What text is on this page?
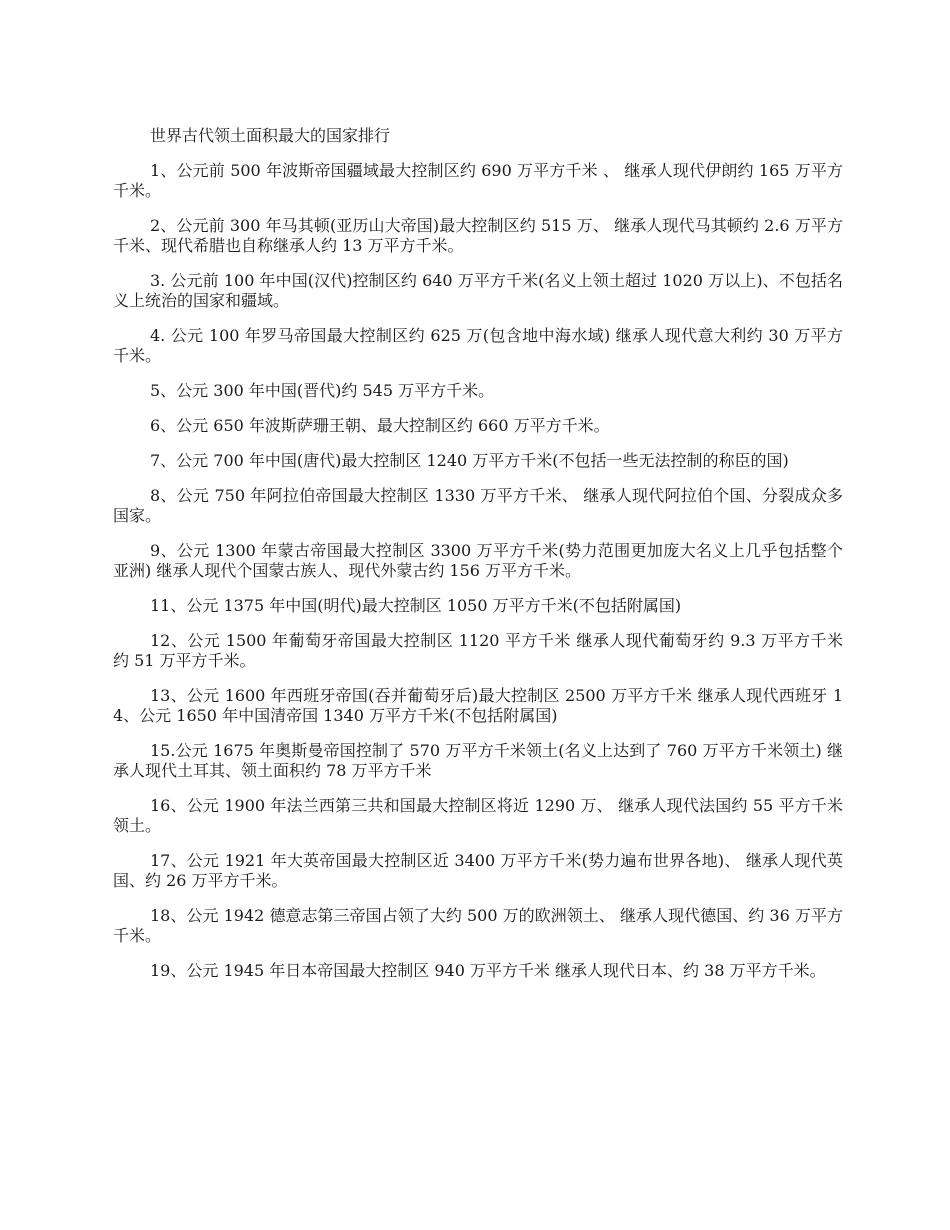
世界古代领土面积最大的国家排行

1、公元前 500 年波斯帝国疆域最大控制区约 690 万平方千米 、 继承人现代伊朗约 165 万平方千米。

2、公元前 300 年马其顿(亚历山大帝国)最大控制区约 515 万、 继承人现代马其顿约 2.6 万平方千米、现代希腊也自称继承人约 13 万平方千米。

3. 公元前 100 年中国(汉代)控制区约 640 万平方千米(名义上领土超过 1020 万以上)、不包括名义上统治的国家和疆域。

4. 公元 100 年罗马帝国最大控制区约 625 万(包含地中海水域) 继承人现代意大利约 30 万平方千米。

5、公元 300 年中国(晋代)约 545 万平方千米。

6、公元 650 年波斯萨珊王朝、最大控制区约 660 万平方千米。

7、公元 700 年中国(唐代)最大控制区 1240 万平方千米(不包括一些无法控制的称臣的国)

8、公元 750 年阿拉伯帝国最大控制区 1330 万平方千米、 继承人现代阿拉伯个国、分裂成众多国家。

9、公元 1300 年蒙古帝国最大控制区 3300 万平方千米(势力范围更加庞大名义上几乎包括整个亚洲) 继承人现代个国蒙古族人、现代外蒙古约 156 万平方千米。

11、公元 1375 年中国(明代)最大控制区 1050 万平方千米(不包括附属国)

12、公元 1500 年葡萄牙帝国最大控制区 1120 平方千米 继承人现代葡萄牙约 9.3 万平方千米 约 51 万平方千米。

13、公元 1600 年西班牙帝国(吞并葡萄牙后)最大控制区 2500 万平方千米 继承人现代西班牙 14、公元 1650 年中国清帝国 1340 万平方千米(不包括附属国)

15.公元 1675 年奥斯曼帝国控制了 570 万平方千米领土(名义上达到了 760 万平方千米领土) 继承人现代土耳其、领土面积约 78 万平方千米

16、公元 1900 年法兰西第三共和国最大控制区将近 1290 万、 继承人现代法国约 55 平方千米领土。

17、公元 1921 年大英帝国最大控制区近 3400 万平方千米(势力遍布世界各地)、 继承人现代英国、约 26 万平方千米。

18、公元 1942 德意志第三帝国占领了大约 500 万的欧洲领土、 继承人现代德国、约 36 万平方千米。

19、公元 1945 年日本帝国最大控制区 940 万平方千米 继承人现代日本、约 38 万平方千米。
